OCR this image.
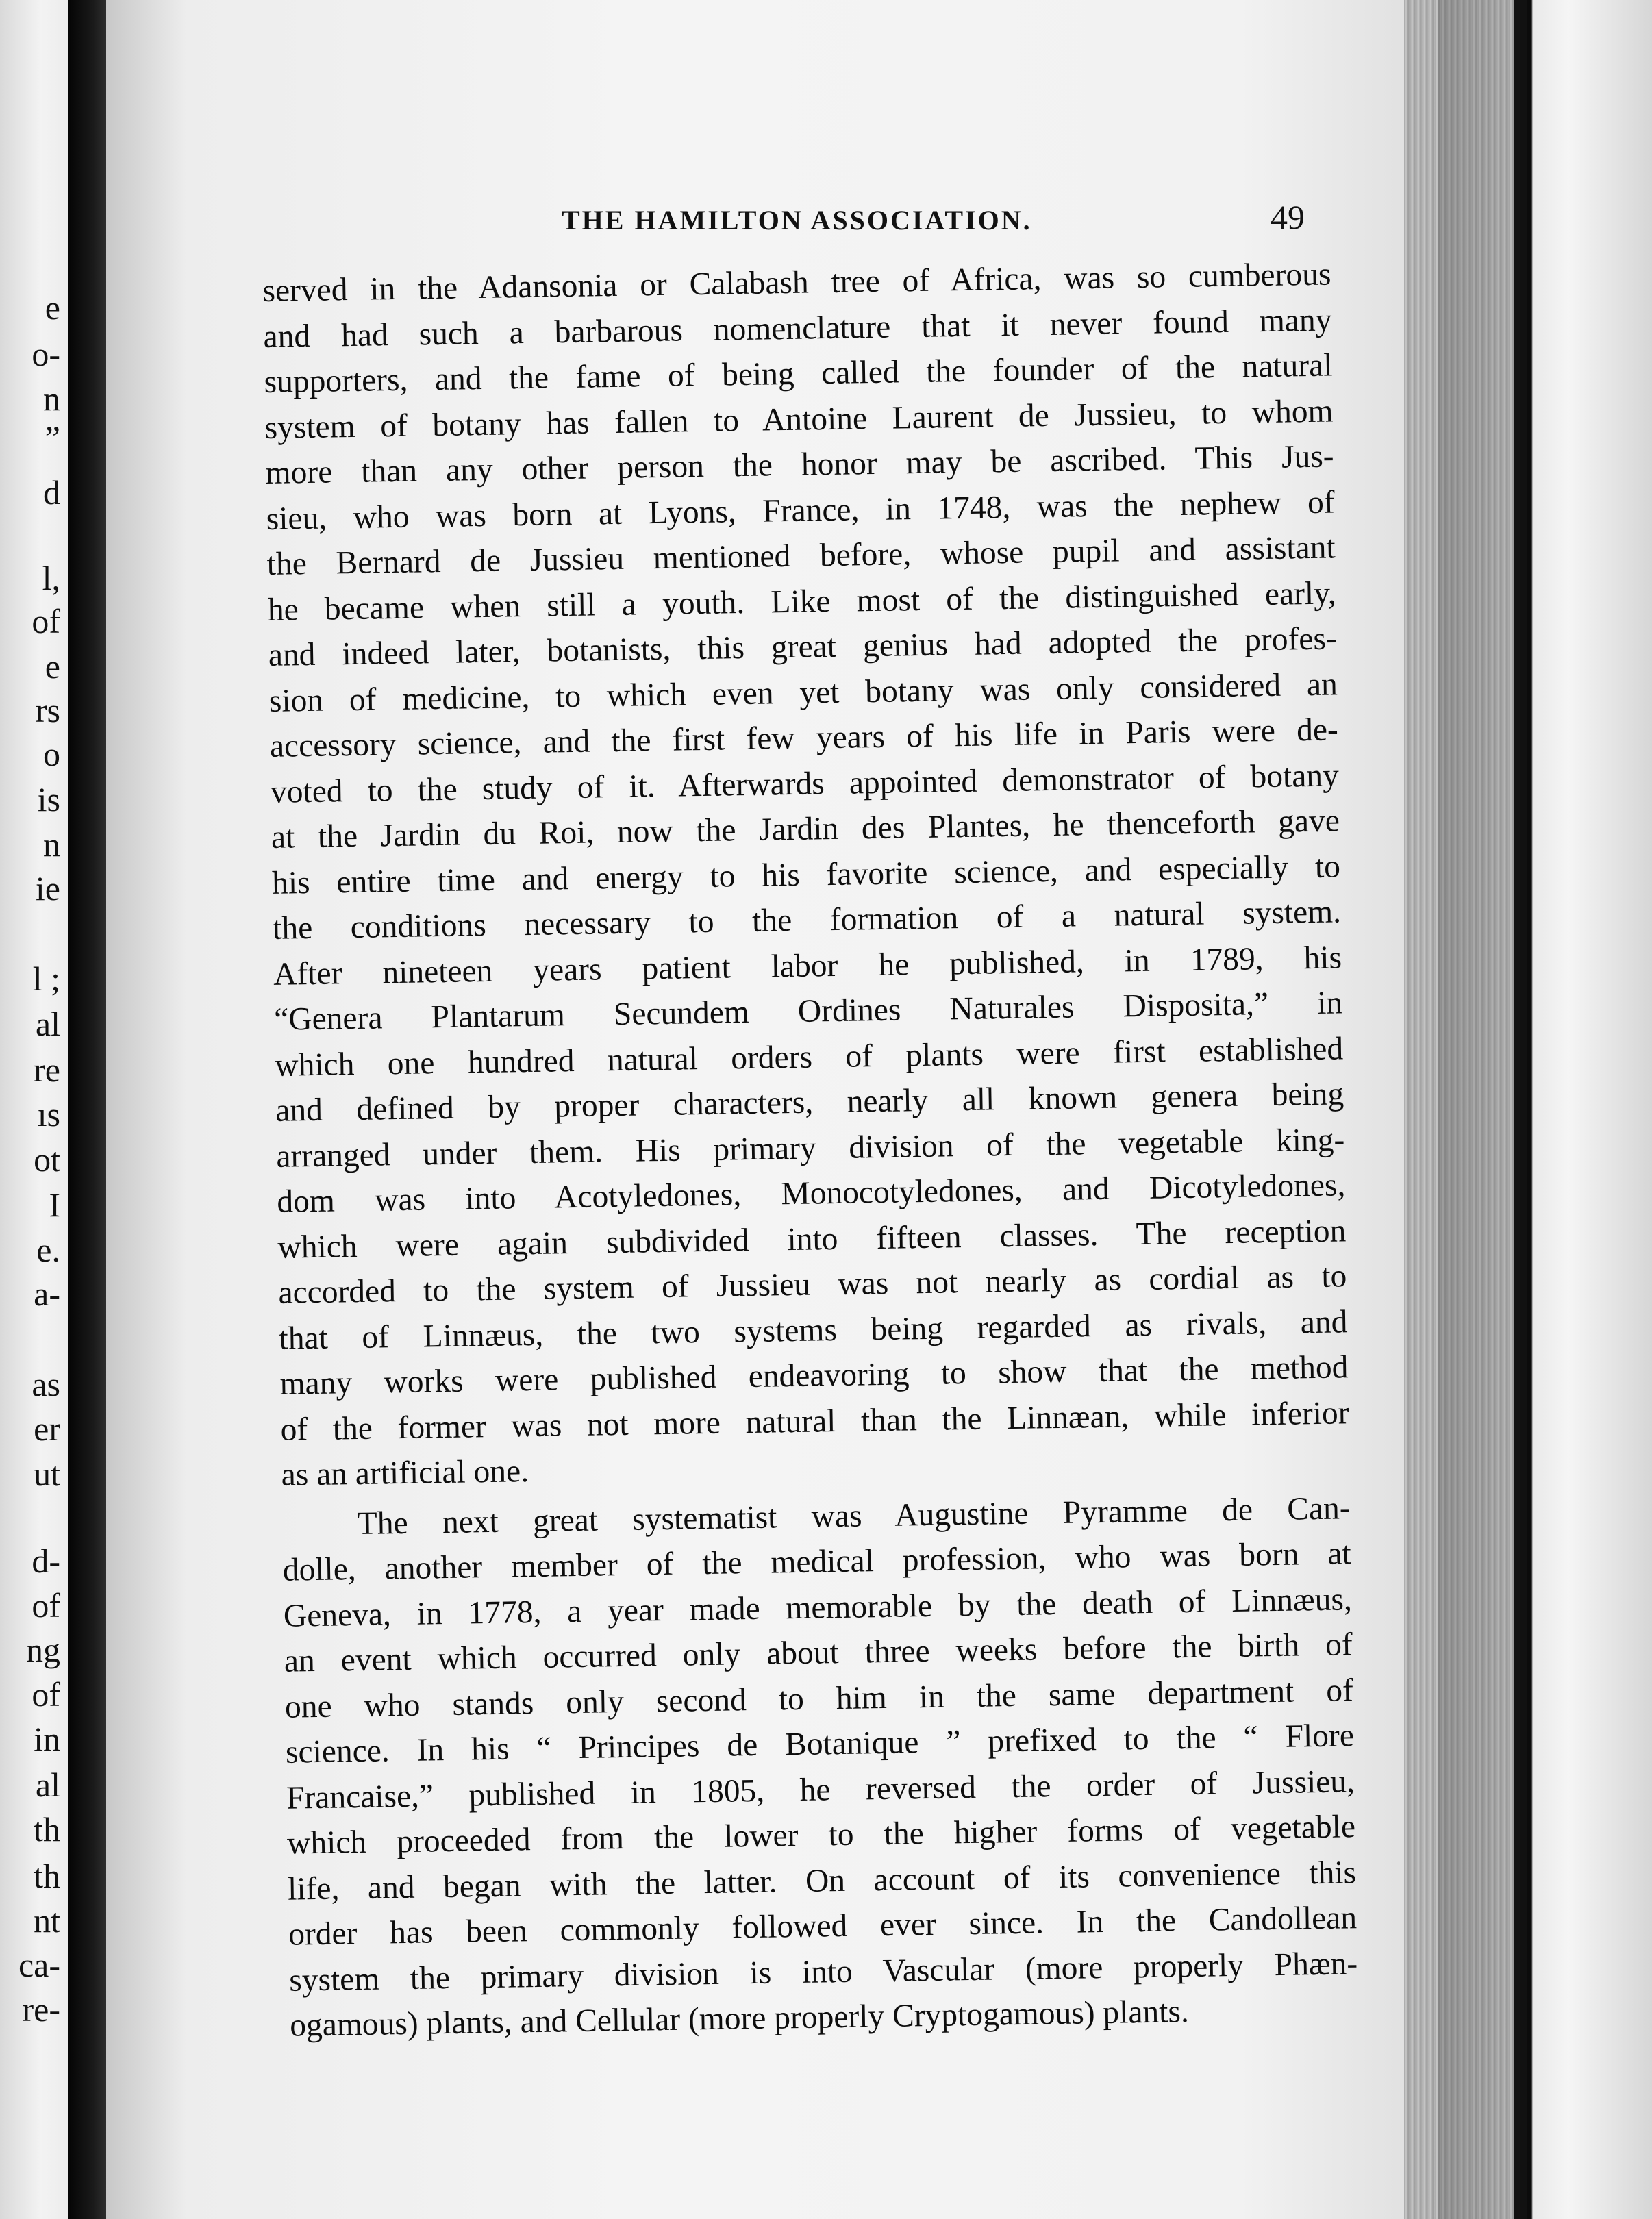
e
o-
n
”
d
l,
of
e
rs
o
is
n
ie
l ;
al
re
ıs
ot
I
e.
a-
as
er
ut
d-
of
ng
of
in
al
th
th
nt
ca-
re-
THE HAMILTON ASSOCIATION.	49
served in the Adansonia or Calabash tree of Africa, was so cumberous
and had such a barbarous nomenclature that it never found many
supporters, and the fame of being called the founder of the natural
system of botany has fallen to Antoine Laurent de Jussieu, to whom
more than any other person the honor may be ascribed. This Jus-
sieu, who was born at Lyons, France, in 1748, was the nephew of
the Bernard de Jussieu mentioned before, whose pupil and assistant
he became when still a youth. Like most of the distinguished early,
and indeed later, botanists, this great genius had adopted the profes-
sion of medicine, to which even yet botany was only considered an
accessory science, and the first few years of his life in Paris were de-
voted to the study of it. Afterwards appointed demonstrator of botany
at the Jardin du Roi, now the Jardin des Plantes, he thenceforth gave
his entire time and energy to his favorite science, and especially to
the conditions necessary to the formation of a natural system.
After nineteen years patient labor he published, in 1789, his
“Genera Plantarum Secundem Ordines Naturales Disposita,” in
which one hundred natural orders of plants were first established
and defined by proper characters, nearly all known genera being
arranged under them. His primary division of the vegetable king-
dom was into Acotyledones, Monocotyledones, and Dicotyledones,
which were again subdivided into fifteen classes. The reception
accorded to the system of Jussieu was not nearly as cordial as to
that of Linnæus, the two systems being regarded as rivals, and
many works were published endeavoring to show that the method
of the former was not more natural than the Linnæan, while inferior
as an artificial one.
The next great systematist was Augustine Pyramme de Can-
dolle, another member of the medical profession, who was born at
Geneva, in 1778, a year made memorable by the death of Linnæus,
an event which occurred only about three weeks before the birth of
one who stands only second to him in the same department of
science. In his “ Principes de Botanique ” prefixed to the “ Flore
Francaise,” published in 1805, he reversed the order of Jussieu,
which proceeded from the lower to the higher forms of vegetable
life, and began with the latter. On account of its convenience this
order has been commonly followed ever since. In the Candollean
system the primary division is into Vascular (more properly Phæn-
ogamous) plants, and Cellular (more properly Cryptogamous) plants.
